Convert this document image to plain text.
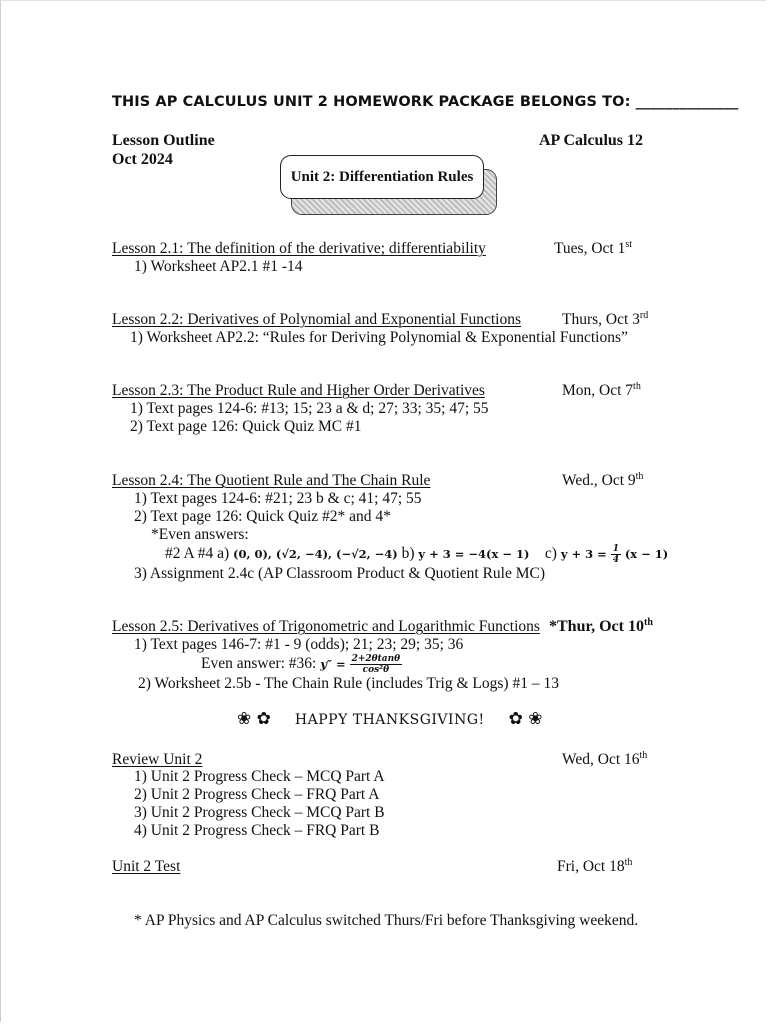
THIS AP CALCULUS UNIT 2 HOMEWORK PACKAGE BELONGS TO: ______________
Lesson Outline
Oct 2024
AP Calculus 12
Unit 2: Differentiation Rules
Lesson 2.1: The definition of the derivative; differentiability	Tues, Oct 1st
1) Worksheet AP2.1 #1 -14
Lesson 2.2: Derivatives of Polynomial and Exponential Functions	Thurs, Oct 3rd
1) Worksheet AP2.2: “Rules for Deriving Polynomial & Exponential Functions”
Lesson 2.3: The Product Rule and Higher Order Derivatives	Mon, Oct 7th
1) Text pages 124-6: #13; 15; 23 a & d; 27; 33; 35; 47; 55
2) Text page 126: Quick Quiz MC #1
Lesson 2.4: The Quotient Rule and The Chain Rule	Wed., Oct 9th
1) Text pages 124-6: #21; 23 b & c; 41; 47; 55
2) Text page 126: Quick Quiz #2* and 4*
*Even answers:
#2 A #4 a) (0, 0), (√2, −4), (−√2, −4) b) y + 3 = −4(x − 1) c) $y + 3 = \frac{1}{4} (x - 1)$
3) Assignment 2.4c (AP Classroom Product & Quotient Rule MC)
Lesson 2.5: Derivatives of Trigonometric and Logarithmic Functions *Thur, Oct 10th
1) Text pages 146-7: #1 - 9 (odds); 21; 23; 29; 35; 36
Even answer: #36: $y'' = \frac{2+2\theta\tan\theta}{\text{cos²θ}}$
2) Worksheet 2.5b - The Chain Rule (includes Trig & Logs) #1 – 13
❀ ✿ HAPPY THANKSGIVING! ✿ ❀
Review Unit 2	Wed, Oct 16th
1) Unit 2 Progress Check – MCQ Part A
2) Unit 2 Progress Check – FRQ Part A
3) Unit 2 Progress Check – MCQ Part B
4) Unit 2 Progress Check – FRQ Part B
Unit 2 Test	Fri, Oct 18th
* AP Physics and AP Calculus switched Thurs/Fri before Thanksgiving weekend.
